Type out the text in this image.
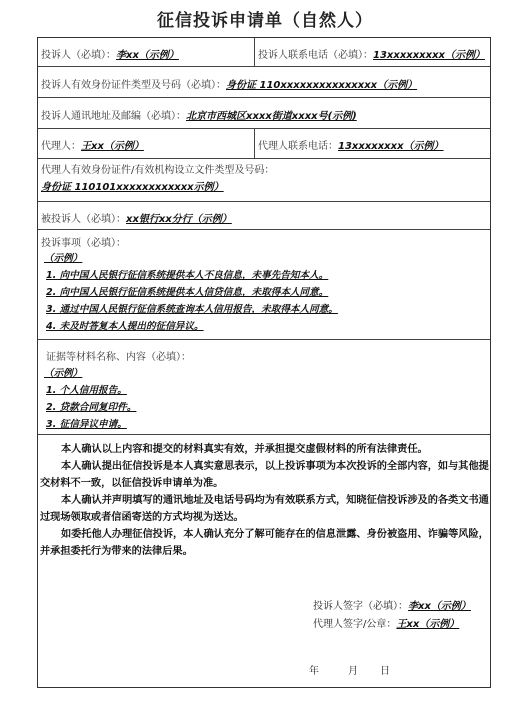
征信投诉申请单（自然人）
投诉人（必填）：李xx（示例）	投诉人联系电话（必填）：13xxxxxxxxx（示例）
投诉人有效身份证件类型及号码（必填）：身份证 110xxxxxxxxxxxxxxx（示例）
投诉人通讯地址及邮编（必填）：北京市西城区xxxx街道xxxx号(示例)
代理人：王xx（示例）	代理人联系电话：13xxxxxxxx（示例）
代理人有效身份证件/有效机构设立文件类型及号码：
身份证 110101xxxxxxxxxxxx示例）
被投诉人（必填）：xx银行xx分行（示例）
投诉事项（必填）：
（示例）
1. 向中国人民银行征信系统提供本人不良信息，未事先告知本人。
2. 向中国人民银行征信系统提供本人信贷信息，未取得本人同意。
3. 通过中国人民银行征信系统查询本人信用报告，未取得本人同意。
4. 未及时答复本人提出的征信异议。
证据等材料名称、内容（必填）：
（示例）
1. 个人信用报告。
2. 贷款合同复印件。
3. 征信异议申请。

本人确认以上内容和提交的材料真实有效，并承担提交虚假材料的所有法律责任。

本人确认提出征信投诉是本人真实意思表示，以上投诉事项为本次投诉的全部内容，如与其他提交材料不一致，以征信投诉申请单为准。

本人确认并声明填写的通讯地址及电话号码均为有效联系方式，知晓征信投诉涉及的各类文书通过现场领取或者信函寄送的方式均视为送达。

如委托他人办理征信投诉，本人确认充分了解可能存在的信息泄露、身份被盗用、诈骗等风险，并承担委托行为带来的法律后果。

投诉人签字（必填）：李xx（示例）
代理人签字/公章：王xx（示例）
年	月 日
